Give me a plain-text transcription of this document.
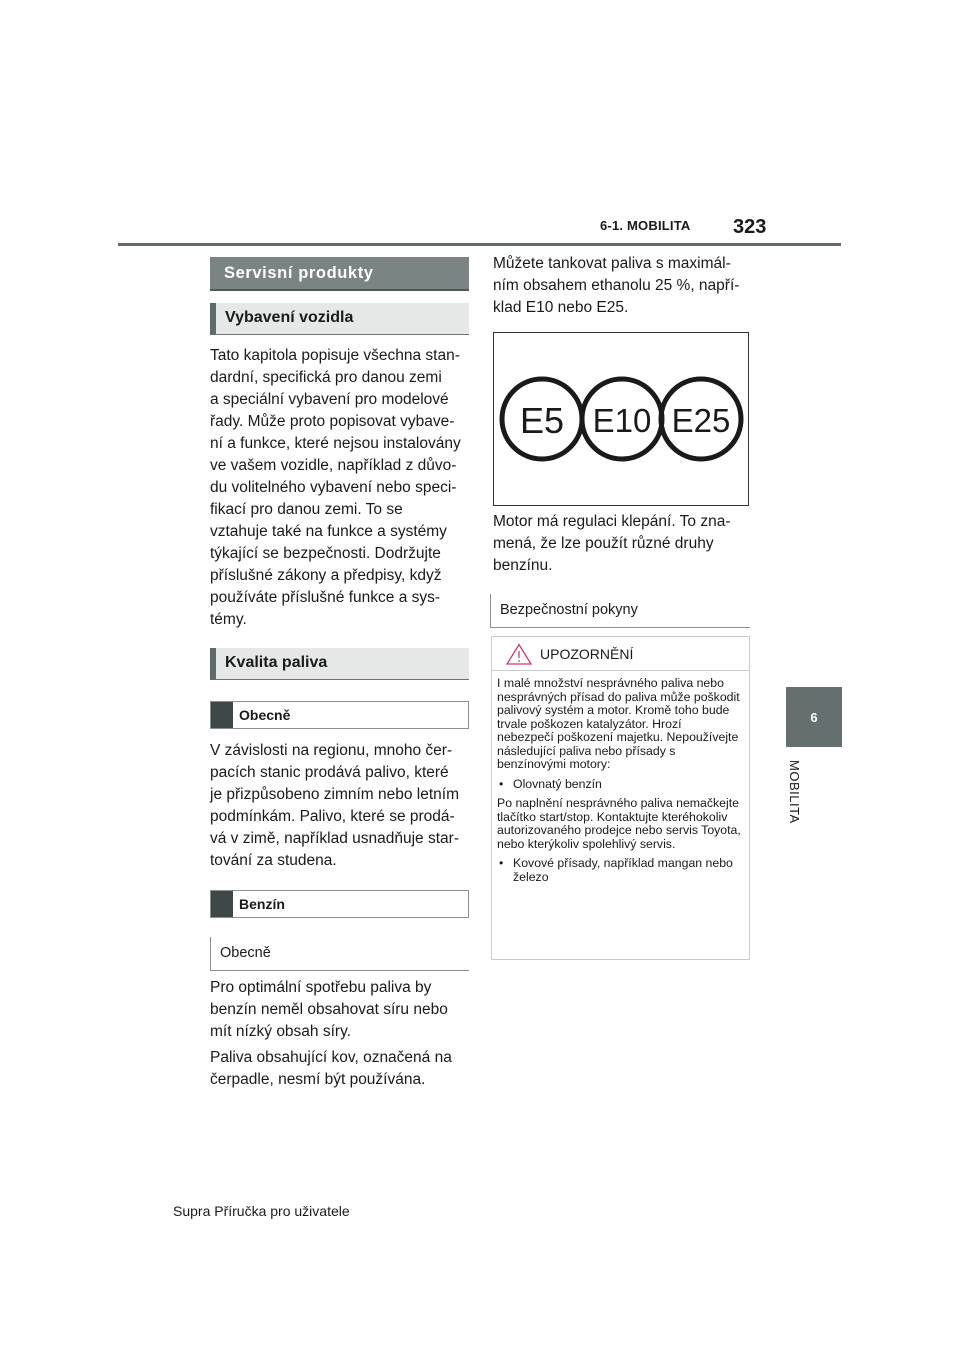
6-1. MOBILITA 323
6
MOBILITA
Servisní produkty
Vybavení vozidla
Tato kapitola popisuje všechna stan-
dardní, specifická pro danou zemi
a speciální vybavení pro modelové
řady. Může proto popisovat vybave-
ní a funkce, které nejsou instalovány
ve vašem vozidle, například z důvo-
du volitelného vybavení nebo speci-
fikací pro danou zemi. To se
vztahuje také na funkce a systémy
týkající se bezpečnosti. Dodržujte
příslušné zákony a předpisy, když
používáte příslušné funkce a sys-
témy.
Kvalita paliva
Obecně
V závislosti na regionu, mnoho čer-
pacích stanic prodává palivo, které
je přizpůsobeno zimním nebo letním
podmínkám. Palivo, které se prodá-
vá v zimě, například usnadňuje star-
tování za studena.
Benzín
Obecně
Pro optimální spotřebu paliva by
benzín neměl obsahovat síru nebo
mít nízký obsah síry.
Paliva obsahující kov, označená na
čerpadle, nesmí být používána.
Můžete tankovat paliva s maximál-
ním obsahem ethanolu 25 %, napří-
klad E10 nebo E25.
E5 E10 E25
Motor má regulaci klepání. To zna-
mená, že lze použít různé druhy
benzínu.
Bezpečnostní pokyny
UPOZORNĚNÍ

I malé množství nesprávného paliva nebo nesprávných přísad do paliva může poškodit palivový systém a motor. Kromě toho bude trvale poškozen katalyzátor. Hrozí nebezpečí poškození majetku. Nepoužívejte následující paliva nebo přísady s benzínovými motory:

• Olovnatý benzín

Po naplnění nesprávného paliva nemačkejte tlačítko start/stop. Kontaktujte kteréhokoliv autorizovaného prodejce nebo servis Toyota, nebo kterýkoliv spolehlivý servis.

• Kovové přísady, například mangan nebo železo
Supra Příručka pro uživatele
